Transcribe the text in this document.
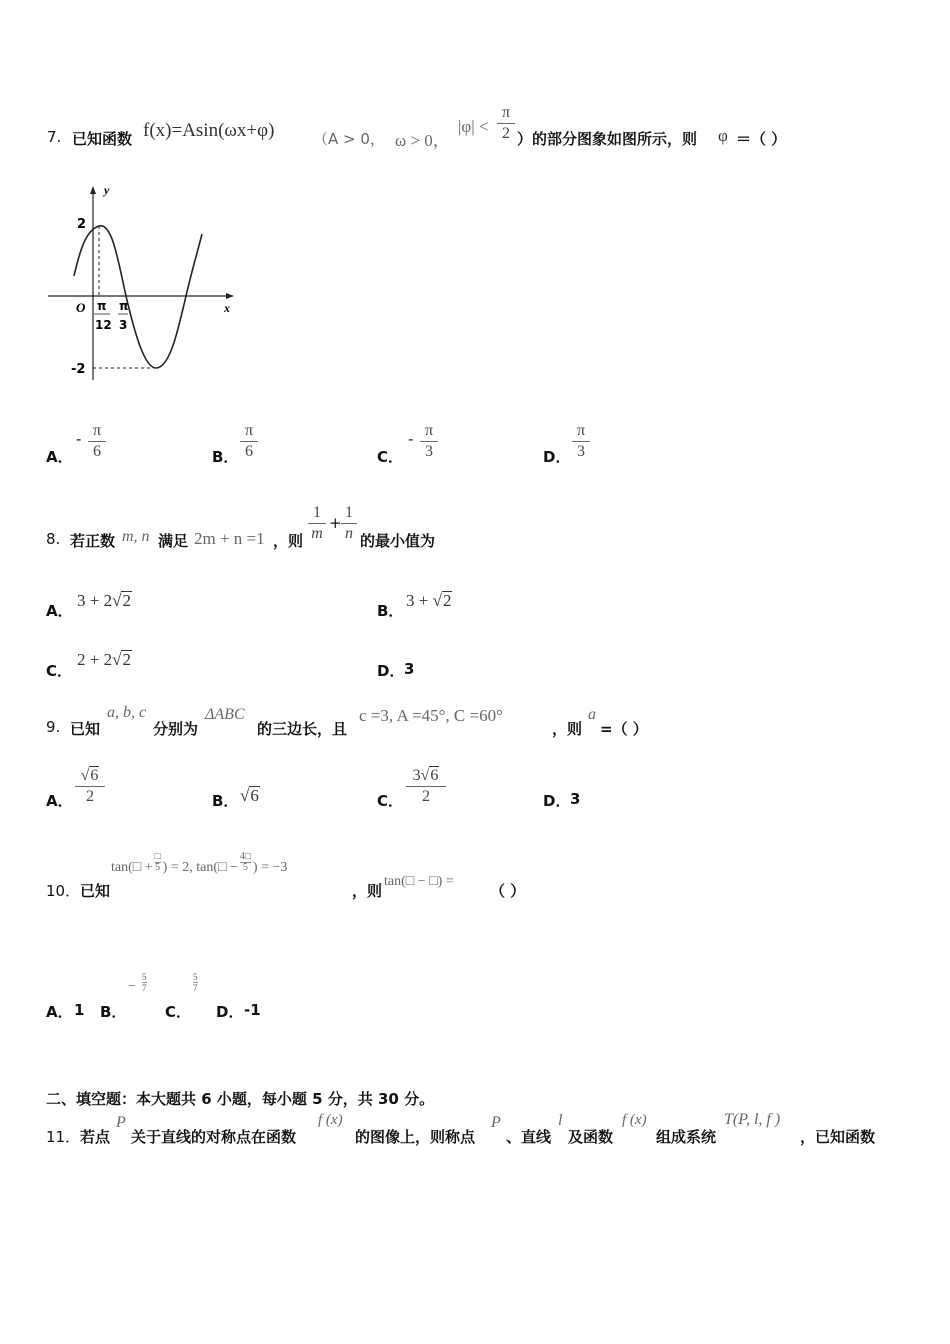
7. 已知函数 f(x)=Asin(ωx+φ)	（A > 0， ω > 0，
|φ| <
π
2 ）的部分图象如图所示，则 φ ＝（ ）
y
x
O
2
-2
π
12
π
3
A．
- π
6	B．
π
6	C．
- π
3	D．
π
3
8. 若正数 m, n 满足 2m + n =1 ，则
1
m
+
1
n 的最小值为
A．
3 + 2√2
B．
3 + √2
C．
2 + 2√2
D． 3
9. 已知
a, b, c
分别为
ΔABC
的三边长，且
c =3, A =45°, C =60°
，则
a
=（ ）
A．
√6
2	B． √6	C．
3√6
2	D． 3
10． 已知
tan(□ +
□
5 ) = 2, tan(□ − $\frac{4□}{5}$ ) = −3
，则
tan(□ − □) =
（ ）
A． 1 B．
− $\frac{5}{7}$
C．
$\frac{5}{7}$
D． -1
二、填空题：本大题共 6 小题，每小题 5 分，共 30 分。
11． 若点
P
关于直线的对称点在函数
f (x)
的图像上，则称点
P
、直线
l
及函数
f (x)
组成系统
T(P, l, f )
，已知函数
